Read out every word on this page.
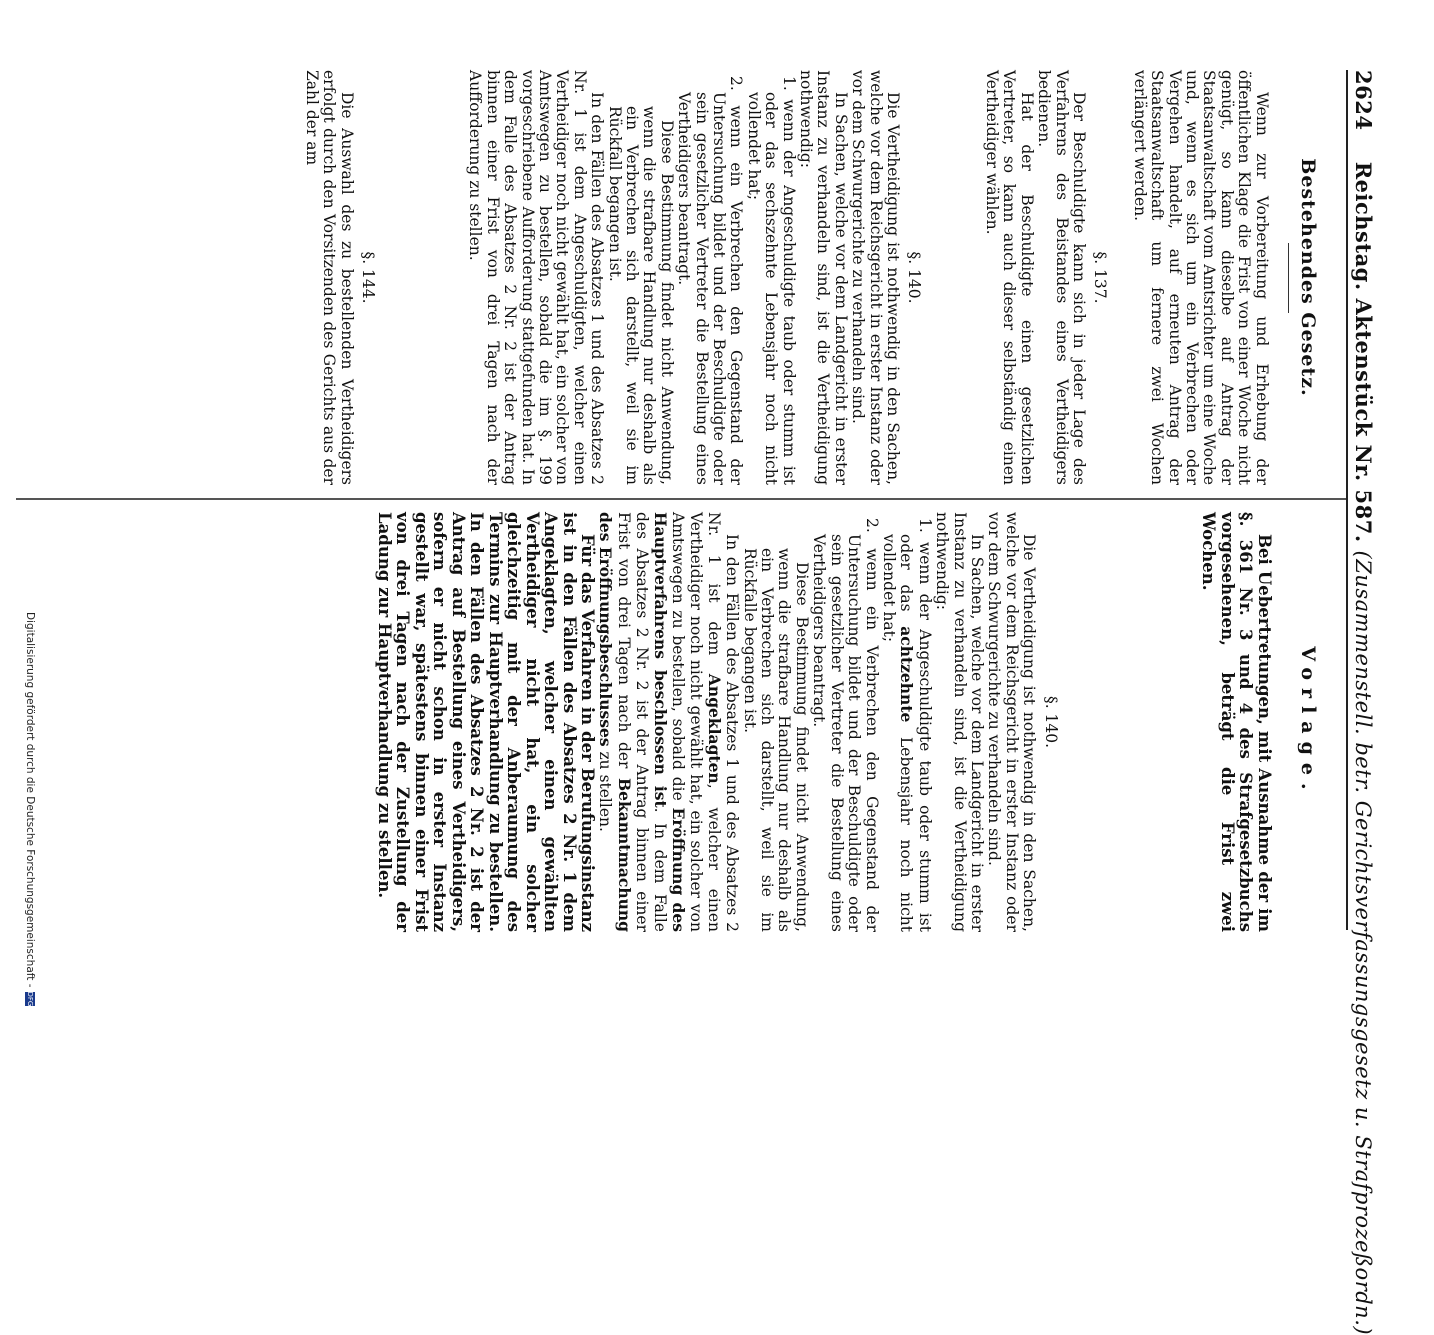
2624    Reichstag. Aktenstück Nr. 587. (Zusammenstell. betr. Gerichtsverfassungsgesetz u. Strafprozeßordn.)
Bestehendes Gesetz.

Wenn zur Vorbereitung und Erhebung der öffentlichen Klage die Frist von einer Woche nicht genügt, so kann dieselbe auf Antrag der Staatsanwaltschaft vom Amtsrichter um eine Woche und, wenn es sich um ein Verbrechen oder Vergehen handelt, auf erneuten Antrag der Staatsanwaltschaft um fernere zwei Wochen verlängert werden.

§. 137.

Der Beschuldigte kann sich in jeder Lage des Verfahrens des Beistandes eines Vertheidigers bedienen.

Hat der Beschuldigte einen gesetzlichen Vertreter, so kann auch dieser selbständig einen Vertheidiger wählen.

§. 140.

Die Vertheidigung ist nothwendig in den Sachen, welche vor dem Reichsgericht in erster Instanz oder vor dem Schwurgerichte zu verhandeln sind.

In Sachen, welche vor dem Landgericht in erster Instanz zu verhandeln sind, ist die Vertheidigung nothwendig:

1. wenn der Angeschuldigte taub oder stumm ist oder das sechszehnte Lebensjahr noch nicht vollendet hat;

2. wenn ein Verbrechen den Gegenstand der Untersuchung bildet und der Beschuldigte oder sein gesetzlicher Vertreter die Bestellung eines Vertheidigers beantragt.

Diese Bestimmung findet nicht Anwendung, wenn die strafbare Handlung nur deshalb als ein Verbrechen sich darstellt, weil sie im Rückfall begangen ist.

In den Fällen des Absatzes 1 und des Absatzes 2 Nr. 1 ist dem Angeschuldigten, welcher einen Vertheidiger noch nicht gewählt hat, ein solcher von Amtswegen zu bestellen, sobald die im §. 199 vorgeschriebene Aufforderung stattgefunden hat. In dem Falle des Absatzes 2 Nr. 2 ist der Antrag binnen einer Frist von drei Tagen nach der Aufforderung zu stellen.

§. 144.

Die Auswahl des zu bestellenden Vertheidigers erfolgt durch den Vorsitzenden des Gerichts aus der Zahl der am

Vorlage.

Bei Uebertretungen, mit Ausnahme der im §. 361 Nr. 3 und 4 des Strafgesetzbuchs vorgesehenen, beträgt die Frist zwei Wochen.

§. 140.

Die Vertheidigung ist nothwendig in den Sachen, welche vor dem Reichsgericht in erster Instanz oder vor dem Schwurgerichte zu verhandeln sind.

In Sachen, welche vor dem Landgericht in erster Instanz zu verhandeln sind, ist die Vertheidigung nothwendig:

1. wenn der Angeschuldigte taub oder stumm ist oder das achtzehnte Lebensjahr noch nicht vollendet hat;

2. wenn ein Verbrechen den Gegenstand der Untersuchung bildet und der Beschuldigte oder sein gesetzlicher Vertreter die Bestellung eines Vertheidigers beantragt.

Diese Bestimmung findet nicht Anwendung, wenn die strafbare Handlung nur deshalb als ein Verbrechen sich darstellt, weil sie im Rückfalle begangen ist.

In den Fällen des Absatzes 1 und des Absatzes 2 Nr. 1 ist dem Angeklagten, welcher einen Vertheidiger noch nicht gewählt hat, ein solcher von Amtswegen zu bestellen, sobald die Eröffnung des Hauptverfahrens beschlossen ist. In dem Falle des Absatzes 2 Nr. 2 ist der Antrag binnen einer Frist von drei Tagen nach der Bekanntmachung des Eröffnungsbeschlusses zu stellen.

Für das Verfahren in der Berufungsinstanz ist in den Fällen des Absatzes 2 Nr. 1 dem Angeklagten, welcher einen gewählten Vertheidiger nicht hat, ein solcher gleichzeitig mit der Anberaumung des Termins zur Hauptverhandlung zu bestellen. In den Fällen des Absatzes 2 Nr. 2 ist der Antrag auf Bestellung eines Vertheidigers, sofern er nicht schon in erster Instanz gestellt war, spätestens binnen einer Frist von drei Tagen nach der Zustellung der Ladung zur Hauptverhandlung zu stellen.

Digitalisierung gefördert durch die Deutsche Forschungsgemeinschaft -DFG
